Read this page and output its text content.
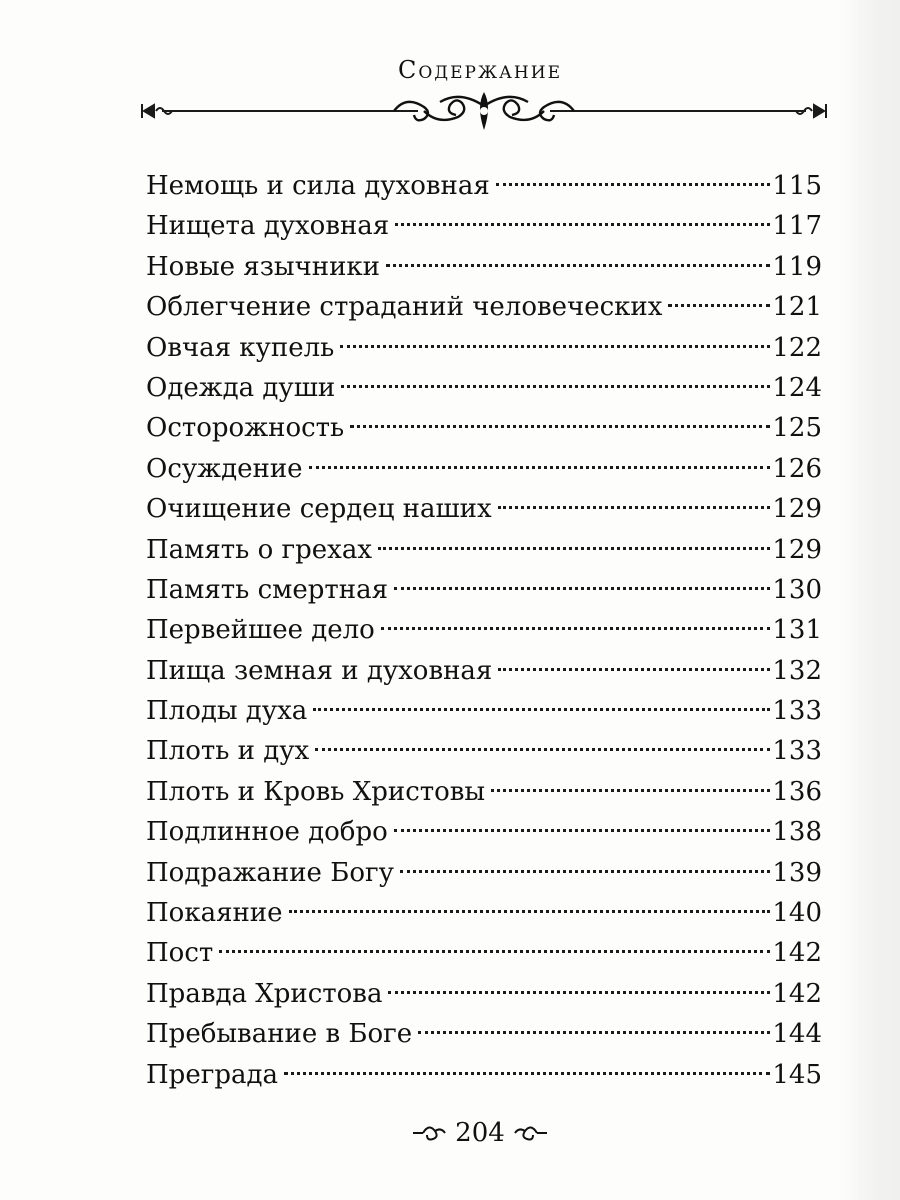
Содержание
Немощь и сила духовная	115
Нищета духовная	117
Новые язычники	119
Облегчение страданий человеческих	121
Овчая купель	122
Одежда души	124
Осторожность	125
Осуждение	126
Очищение сердец наших	129
Память о грехах	129
Память смертная	130
Первейшее дело	131
Пища земная и духовная	132
Плоды духа	133
Плоть и дух	133
Плоть и Кровь Христовы	136
Подлинное добро	138
Подражание Богу	139
Покаяние	140
Пост	142
Правда Христова	142
Пребывание в Боге	144
Преграда	145
204
